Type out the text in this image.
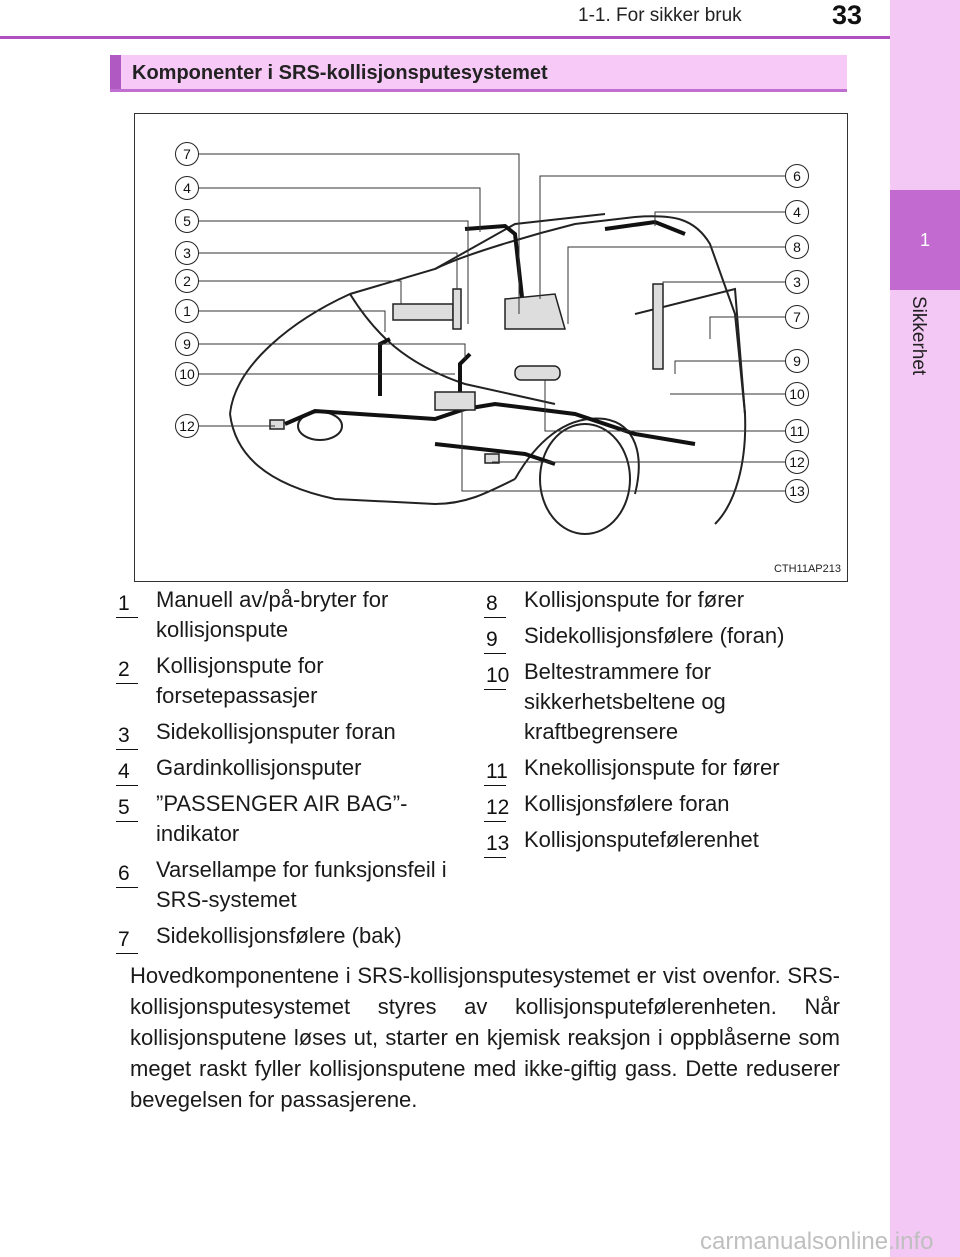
1-1. For sikker bruk	33
1
Sikkerhet
Komponenter i SRS-kollisjonsputesystemet
7
4
5
3
2
1
9
10
12
6
4
8
3
7
9
10
11
12
13
CTH11AP213
1 Manuell av/på-bryter for kollisjonspute
2 Kollisjonspute for forsetepassasjer
3 Sidekollisjonsputer foran
4 Gardinkollisjonsputer
5 ”PASSENGER AIR BAG”-indikator
6 Varsellampe for funksjonsfeil i SRS-systemet
7 Sidekollisjonsfølere (bak)
8 Kollisjonspute for fører
9 Sidekollisjonsfølere (foran)
10 Beltestrammere for sikkerhetsbeltene og kraftbegrensere
11 Knekollisjonspute for fører
12 Kollisjonsfølere foran
13 Kollisjonsputefølerenhet
Hovedkomponentene i SRS-kollisjonsputesystemet er vist ovenfor. SRS-kollisjonsputesystemet styres av kollisjonsputefølerenheten. Når kollisjonsputene løses ut, starter en kjemisk reaksjon i oppblåserne som meget raskt fyller kollisjonsputene med ikke-giftig gass. Dette reduserer bevegelsen for passasjerene.
carmanualsonline.info
